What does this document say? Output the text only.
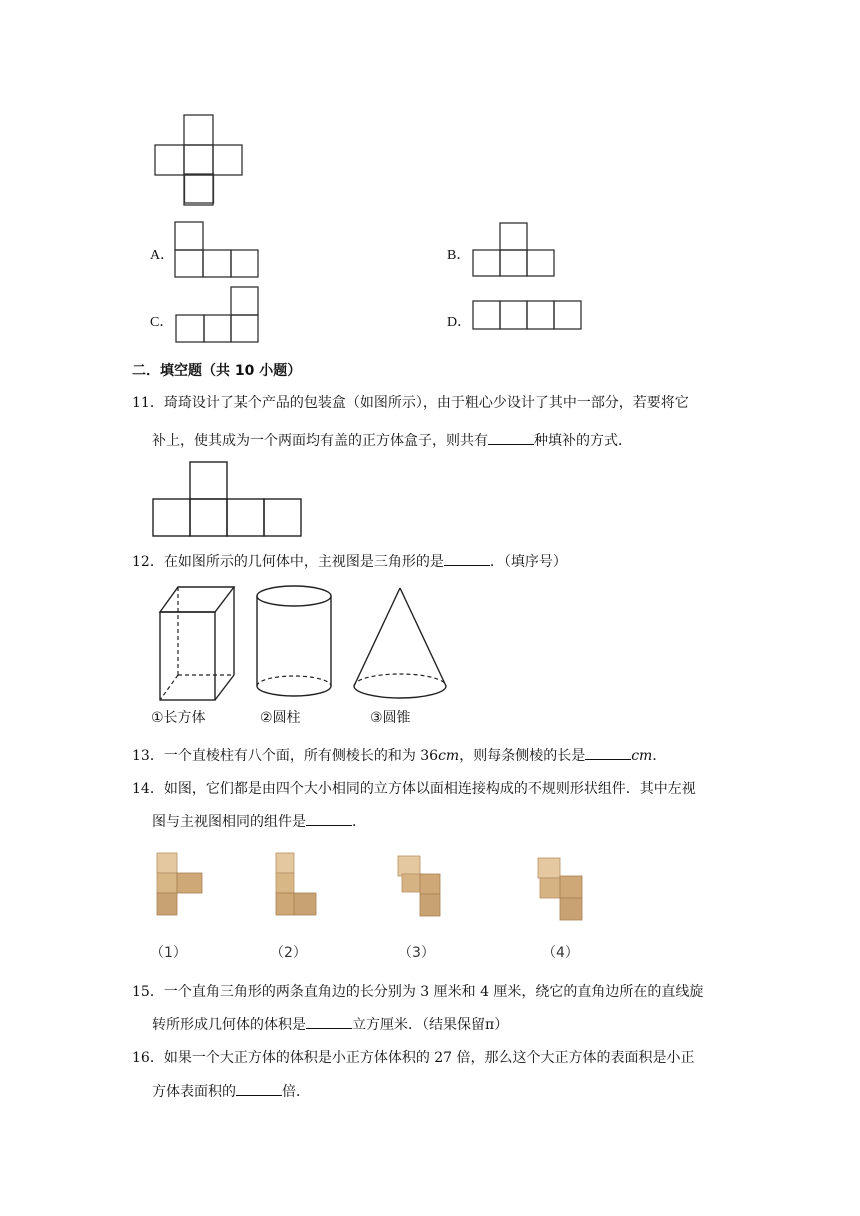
A．	B．
C．	D．
二．填空题（共 10 小题）
11．琦琦设计了某个产品的包装盒（如图所示），由于粗心少设计了其中一部分，若要将它
补上，使其成为一个两面均有盖的正方体盒子，则共有	种填补的方式．
12．在如图所示的几何体中，主视图是三角形的是	．（填序号）
①长方体	②圆柱	③圆锥
13．一个直棱柱有八个面，所有侧棱长的和为 36cm，则每条侧棱的长是	cm．
14．如图，它们都是由四个大小相同的立方体以面相连接构成的不规则形状组件．其中左视
图与主视图相同的组件是	．
（1）	（2）	（3）	（4）
15．一个直角三角形的两条直角边的长分别为 3 厘米和 4 厘米，绕它的直角边所在的直线旋
转所形成几何体的体积是	立方厘米．（结果保留π）
16．如果一个大正方体的体积是小正方体体积的 27 倍，那么这个大正方体的表面积是小正
方体表面积的	倍．
